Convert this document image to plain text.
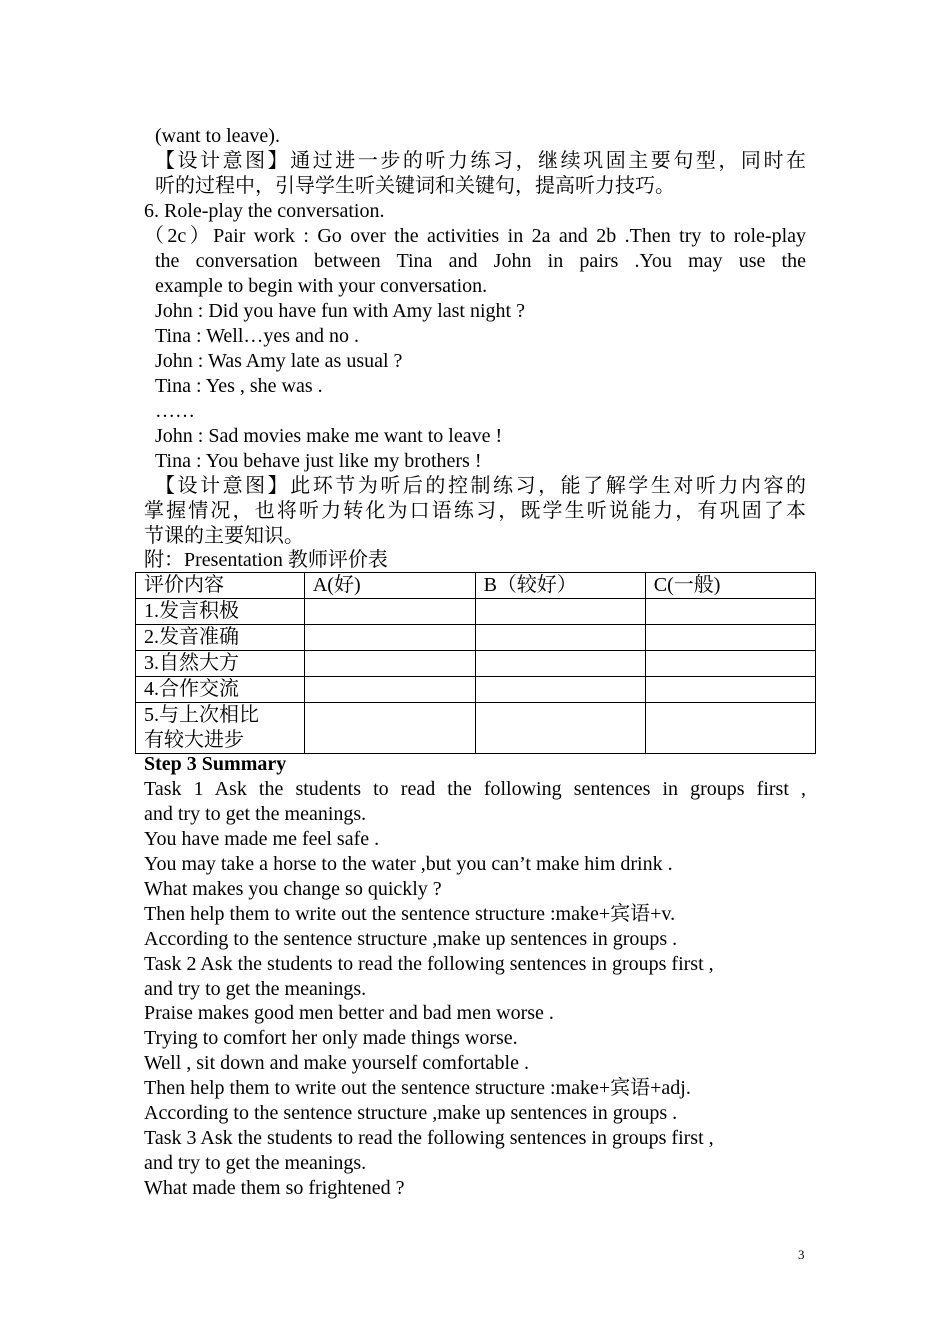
(want to leave).
【设计意图】通过进一步的听力练习，继续巩固主要句型，同时在
听的过程中，引导学生听关键词和关键句，提高听力技巧。
6. Role-play the conversation.
（2c）Pair work : Go over the activities in 2a and 2b .Then try to role-play
the conversation between Tina and John in pairs .You may use the
example to begin with your conversation.
John : Did you have fun with Amy last night ?
Tina : Well…yes and no .
John : Was Amy late as usual ?
Tina : Yes , she was .
……
John : Sad movies make me want to leave !
Tina : You behave just like my brothers !
【设计意图】此环节为听后的控制练习，能了解学生对听力内容的
掌握情况，也将听力转化为口语练习，既学生听说能力，有巩固了本
节课的主要知识。
附：Presentation 教师评价表
评价内容	A(好)	B（较好）	C(一般)
1.发言积极			
2.发音准确			
3.自然大方			
4.合作交流			

5.与上次相比
有较大进步			

Step 3 Summary
Task 1 Ask the students to read the following sentences in groups first ,
and try to get the meanings.
You have made me feel safe .
You may take a horse to the water ,but you can’t make him drink .
What makes you change so quickly ?
Then help them to write out the sentence structure :make+宾语+v.
According to the sentence structure ,make up sentences in groups .
Task 2 Ask the students to read the following sentences in groups first ,
and try to get the meanings.
Praise makes good men better and bad men worse .
Trying to comfort her only made things worse.
Well , sit down and make yourself comfortable .
Then help them to write out the sentence structure :make+宾语+adj.
According to the sentence structure ,make up sentences in groups .
Task 3 Ask the students to read the following sentences in groups first ,
and try to get the meanings.
What made them so frightened ?
3
